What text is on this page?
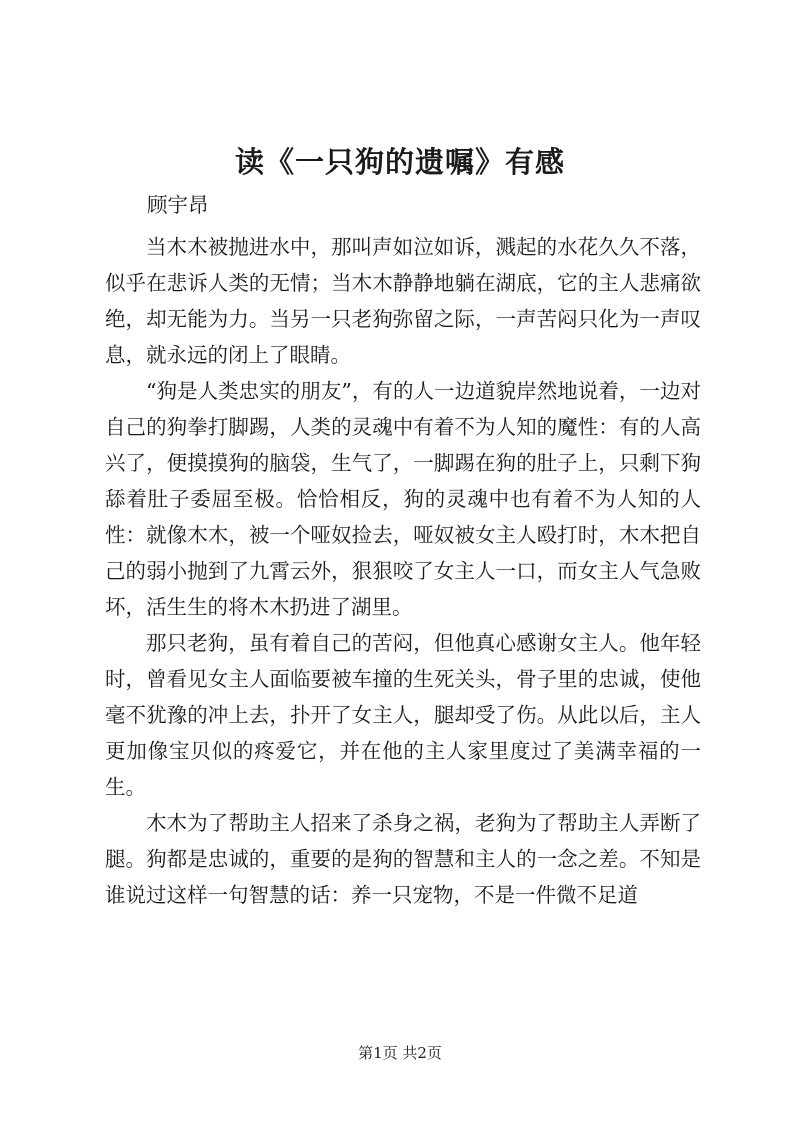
读《一只狗的遗嘱》有感

顾宇昂

当木木被抛进水中，那叫声如泣如诉，溅起的水花久久不落，似乎在悲诉人类的无情；当木木静静地躺在湖底，它的主人悲痛欲绝，却无能为力。当另一只老狗弥留之际，一声苦闷只化为一声叹息，就永远的闭上了眼睛。

“狗是人类忠实的朋友”，有的人一边道貌岸然地说着，一边对自己的狗拳打脚踢，人类的灵魂中有着不为人知的魔性：有的人高兴了，便摸摸狗的脑袋，生气了，一脚踢在狗的肚子上，只剩下狗舔着肚子委屈至极。恰恰相反，狗的灵魂中也有着不为人知的人性：就像木木，被一个哑奴捡去，哑奴被女主人殴打时，木木把自己的弱小抛到了九霄云外，狠狠咬了女主人一口，而女主人气急败坏，活生生的将木木扔进了湖里。

那只老狗，虽有着自己的苦闷，但他真心感谢女主人。他年轻时，曾看见女主人面临要被车撞的生死关头，骨子里的忠诚，使他毫不犹豫的冲上去，扑开了女主人，腿却受了伤。从此以后，主人更加像宝贝似的疼爱它，并在他的主人家里度过了美满幸福的一生。

木木为了帮助主人招来了杀身之祸，老狗为了帮助主人弄断了腿。狗都是忠诚的，重要的是狗的智慧和主人的一念之差。不知是谁说过这样一句智慧的话：养一只宠物，不是一件微不足道

第1页 共2页
